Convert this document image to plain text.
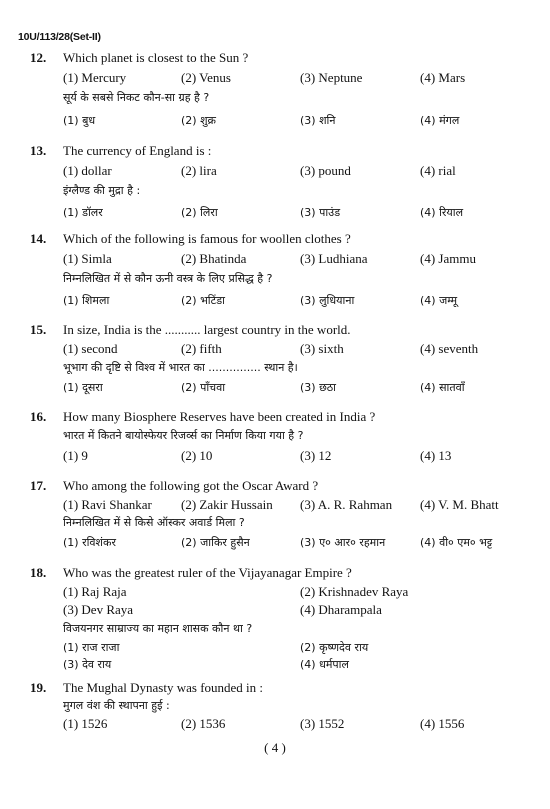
10U/113/28(Set-II)
12. Which planet is closest to the Sun ?
(1) Mercury	(2) Venus	(3) Neptune	(4) Mars
सूर्य के सबसे निकट कौन-सा ग्रह है ?
(1) बुध	(2) शुक्र	(3) शनि	(4) मंगल
13. The currency of England is :
(1) dollar	(2) lira	(3) pound	(4) rial
इंग्लैण्ड की मुद्रा है :
(1) डॉलर	(2) लिरा	(3) पाउंड	(4) रियाल
14. Which of the following is famous for woollen clothes ?
(1) Simla	(2) Bhatinda	(3) Ludhiana	(4) Jammu
निम्नलिखित में से कौन ऊनी वस्त्र के लिए प्रसिद्ध है ?
(1) शिमला	(2) भटिंडा	(3) लुधियाना	(4) जम्मू
15. In size, India is the ........... largest country in the world.
(1) second	(2) fifth	(3) sixth	(4) seventh
भूभाग की दृष्टि से विश्व में भारत का ............... स्थान है।
(1) दूसरा	(2) पाँचवा	(3) छठा	(4) सातवाँ
16. How many Biosphere Reserves have been created in India ?
भारत में कितने बायोस्फेयर रिजर्व्स का निर्माण किया गया है ?
(1) 9	(2) 10	(3) 12	(4) 13
17. Who among the following got the Oscar Award ?
(1) Ravi Shankar (2) Zakir Hussain (3) A. R. Rahman (4) V. M. Bhatt
निम्नलिखित में से किसे ऑस्कर अवार्ड मिला ?
(1) रविशंकर	(2) जाकिर हुसैन	(3) ए० आर० रहमान	(4) वी० एम० भट्ट
18. Who was the greatest ruler of the Vijayanagar Empire ?
(1) Raj Raja	(2) Krishnadev Raya
(3) Dev Raya	(4) Dharampala
विजयनगर साम्राज्य का महान शासक कौन था ?
(1) राज राजा	(2) कृष्णदेव राय
(3) देव राय	(4) धर्मपाल
19. The Mughal Dynasty was founded in :
मुगल वंश की स्थापना हुई :
(1) 1526	(2) 1536	(3) 1552	(4) 1556
( 4 )
